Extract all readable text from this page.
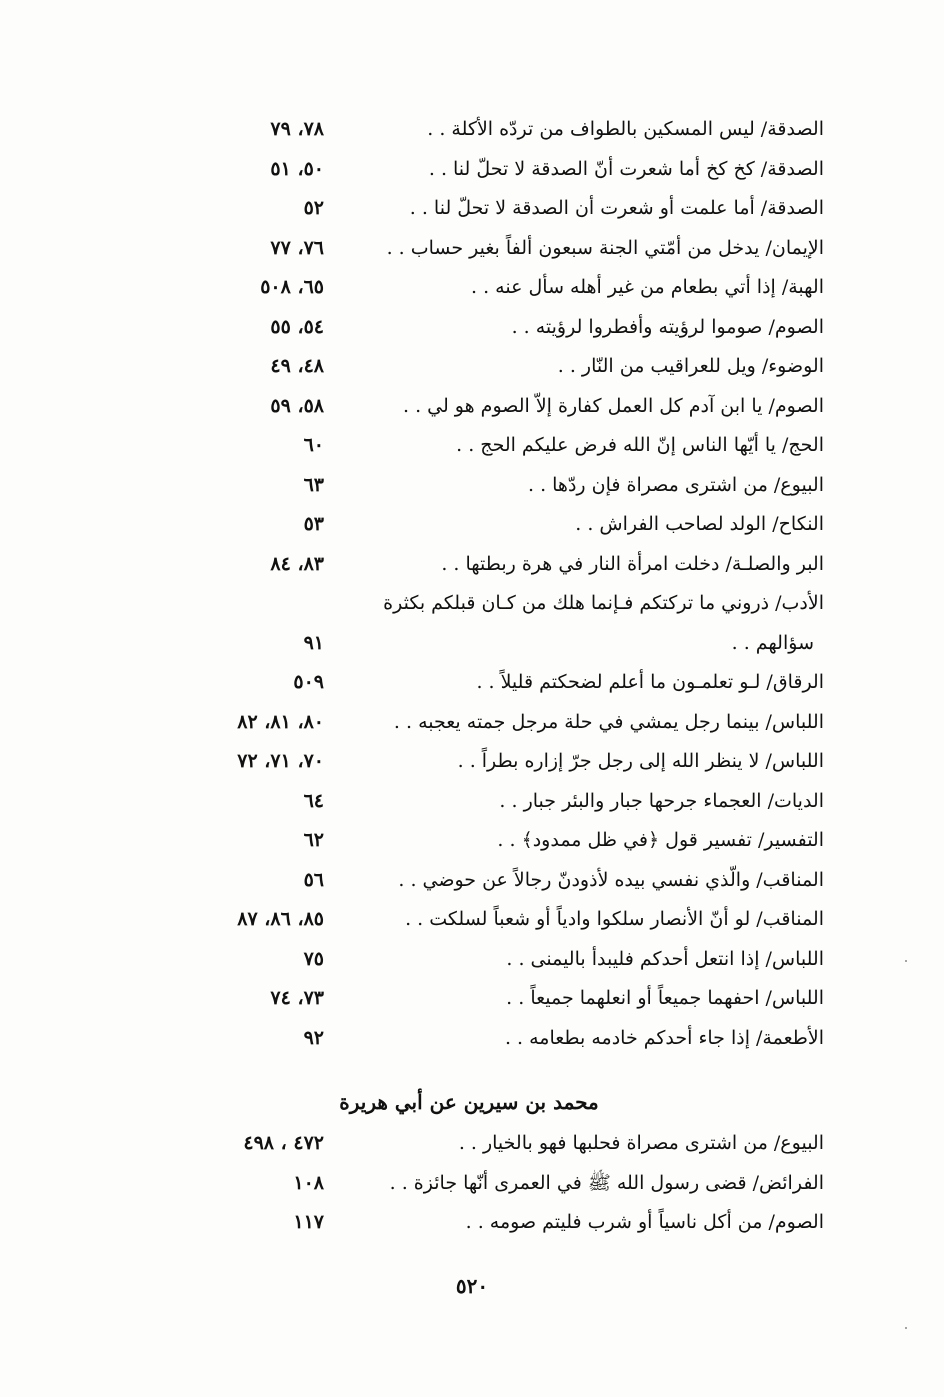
الصدقة/ ليس المسكين بالطواف من تردّه الأكلة . .
٧٨، ٧٩
الصدقة/ كخ كخ أما شعرت أنّ الصدقة لا تحلّ لنا . .
٥٠، ٥١
الصدقة/ أما علمت أو شعرت أن الصدقة لا تحلّ لنا . .
٥٢
الإيمان/ يدخل من أمّتي الجنة سبعون ألفاً بغير حساب . .
٧٦، ٧٧
الهبة/ إذا أتي بطعام من غير أهله سأل عنه . .
٦٥، ٥٠٨
الصوم/ صوموا لرؤيته وأفطروا لرؤيته . .
٥٤، ٥٥
الوضوء/ ويل للعراقيب من النّار . .
٤٨، ٤٩
الصوم/ يا ابن آدم كل العمل كفارة إلاّ الصوم هو لي . .
٥٨، ٥٩
الحج/ يا أيّها الناس إنّ الله فرض عليكم الحج . .
٦٠
البيوع/ من اشترى مصراة فإن ردّها . .
٦٣
النكاح/ الولد لصاحب الفراش . .
٥٣
البر والصلـة/ دخلت امرأة النار في هرة ربطتها . .
٨٣، ٨٤
الأدب/ ذروني ما تركتكم فـإنما هلك من كـان قبلكم بكثرة
سؤالهم . .
٩١
الرقاق/ لـو تعلمـون ما أعلم لضحكتم قليلاً . .
٥٠٩
اللباس/ بينما رجل يمشي في حلة مرجل جمته يعجبه . .
٨٠، ٨١، ٨٢
اللباس/ لا ينظر الله إلى رجل جرّ إزاره بطراً . .
٧٠، ٧١، ٧٢
الديات/ العجماء جرحها جبار والبئر جبار . .
٦٤
التفسير/ تفسير قول ﴿في ظل ممدود﴾ . .
٦٢
المناقب/ والّذي نفسي بيده لأذودنّ رجالاً عن حوضي . .
٥٦
المناقب/ لو أنّ الأنصار سلكوا وادياً أو شعباً لسلكت . .
٨٥، ٨٦، ٨٧
اللباس/ إذا انتعل أحدكم فليبدأ باليمنى . .
٧٥
اللباس/ احفهما جميعاً أو انعلهما جميعاً . .
٧٣، ٧٤
الأطعمة/ إذا جاء أحدكم خادمه بطعامه . .
٩٢
محمد بن سيرين عن أبي هريرة
البيوع/ من اشترى مصراة فحلبها فهو بالخيار . .
٤٧٢ ، ٤٩٨
الفرائض/ قضى رسول الله ﷺ في العمرى أنّها جائزة . .
١٠٨
الصوم/ من أكل ناسياً أو شرب فليتم صومه . .
١١٧
٥٢٠
